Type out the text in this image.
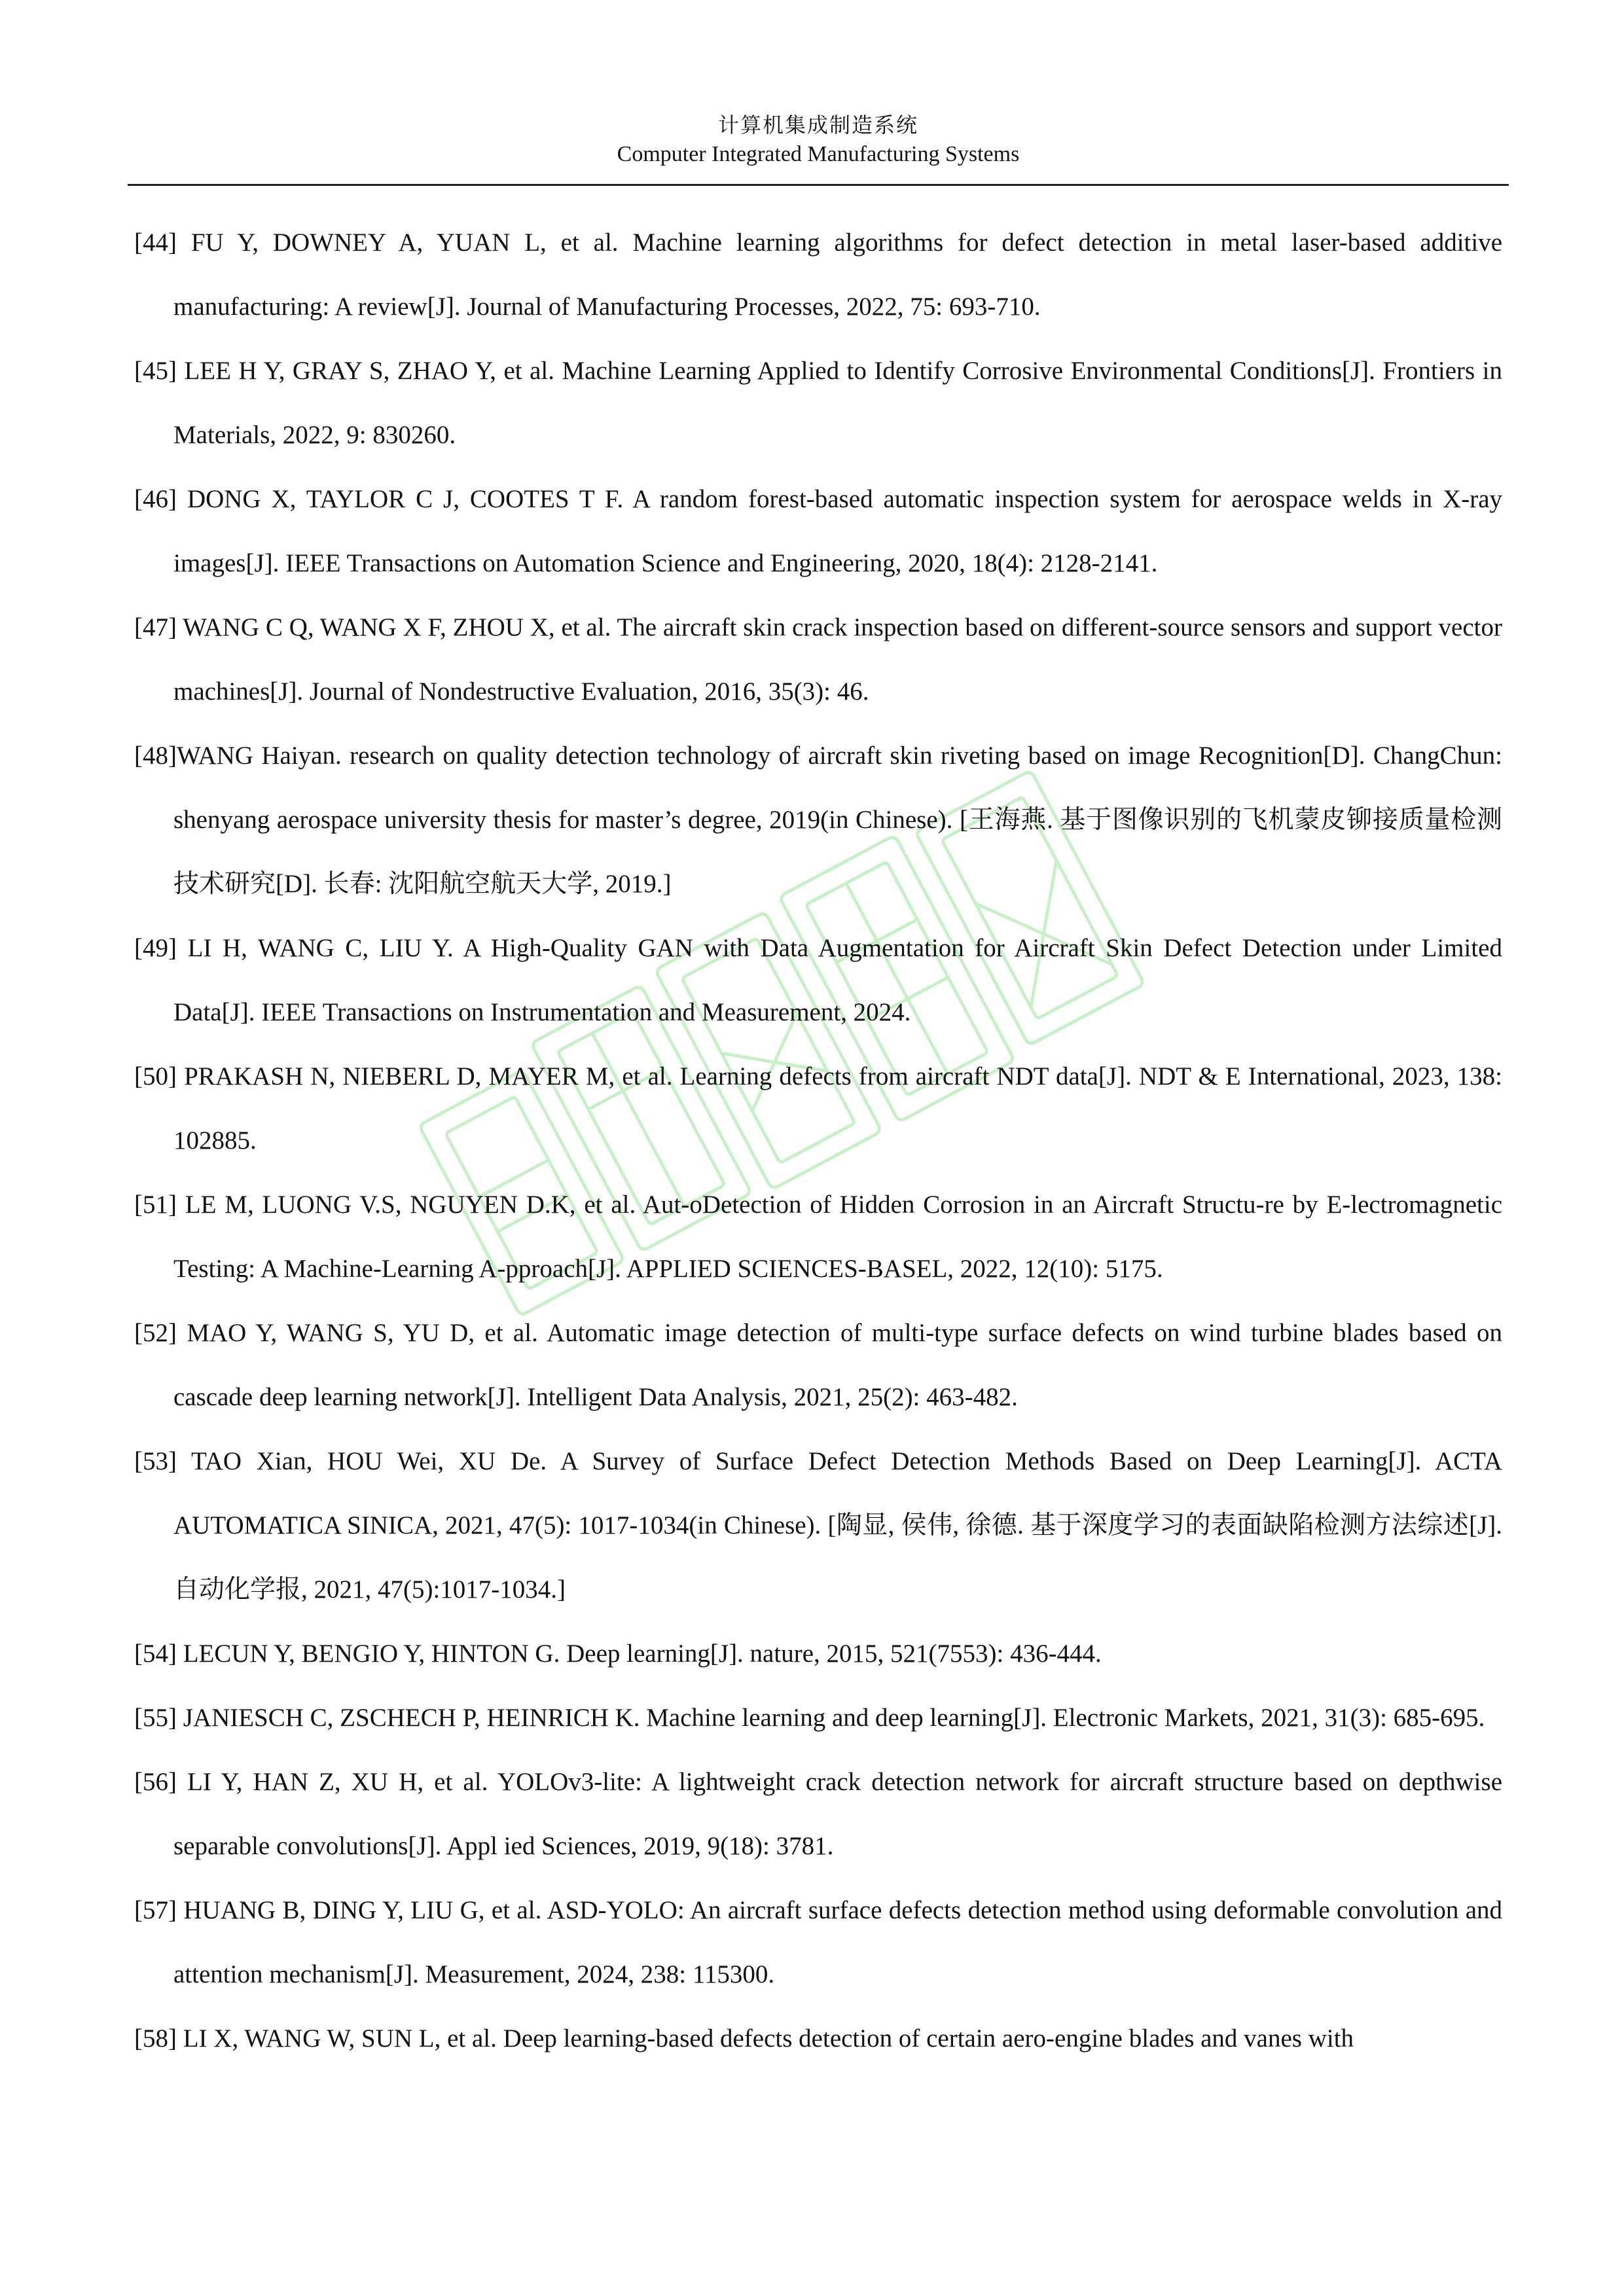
计算机集成制造系统
Computer Integrated Manufacturing Systems

[44] FU Y, DOWNEY A, YUAN L, et al. Machine learning algorithms for defect detection in metal laser-based additive manufacturing: A review[J]. Journal of Manufacturing Processes, 2022, 75: 693-710.

[45] LEE H Y, GRAY S, ZHAO Y, et al. Machine Learning Applied to Identify Corrosive Environmental Conditions[J]. Frontiers in Materials, 2022, 9: 830260.

[46] DONG X, TAYLOR C J, COOTES T F. A random forest-based automatic inspection system for aerospace welds in X-ray images[J]. IEEE Transactions on Automation Science and Engineering, 2020, 18(4): 2128-2141.

[47] WANG C Q, WANG X F, ZHOU X, et al. The aircraft skin crack inspection based on different-source sensors and support vector machines[J]. Journal of Nondestructive Evaluation, 2016, 35(3): 46.

[48]WANG Haiyan. research on quality detection technology of aircraft skin riveting based on image Recognition[D]. ChangChun: shenyang aerospace university thesis for master’s degree, 2019(in Chinese). [王海燕. 基于图像识别的飞机蒙皮铆接质量检测技术研究[D]. 长春: 沈阳航空航天大学, 2019.]

[49] LI H, WANG C, LIU Y. A High-Quality GAN with Data Augmentation for Aircraft Skin Defect Detection under Limited Data[J]. IEEE Transactions on Instrumentation and Measurement, 2024.

[50] PRAKASH N, NIEBERL D, MAYER M, et al. Learning defects from aircraft NDT data[J]. NDT & E International, 2023, 138: 102885.

[51] LE M, LUONG V.S, NGUYEN D.K, et al. Aut-oDetection of Hidden Corrosion in an Aircraft Structu-re by E-lectromagnetic Testing: A Machine-Learning A-pproach[J]. APPLIED SCIENCES-BASEL, 2022, 12(10): 5175.

[52] MAO Y, WANG S, YU D, et al. Automatic image detection of multi-type surface defects on wind turbine blades based on cascade deep learning network[J]. Intelligent Data Analysis, 2021, 25(2): 463-482.

[53] TAO Xian, HOU Wei, XU De. A Survey of Surface Defect Detection Methods Based on Deep Learning[J]. ACTA AUTOMATICA SINICA, 2021, 47(5): 1017-1034(in Chinese). [陶显, 侯伟, 徐德. 基于深度学习的表面缺陷检测方法综述[J]. 自动化学报, 2021, 47(5):1017-1034.]

[54] LECUN Y, BENGIO Y, HINTON G. Deep learning[J]. nature, 2015, 521(7553): 436-444.

[55] JANIESCH C, ZSCHECH P, HEINRICH K. Machine learning and deep learning[J]. Electronic Markets, 2021, 31(3): 685-695.

[56] LI Y, HAN Z, XU H, et al. YOLOv3-lite: A lightweight crack detection network for aircraft structure based on depthwise separable convolutions[J]. Appl ied Sciences, 2019, 9(18): 3781.

[57] HUANG B, DING Y, LIU G, et al. ASD-YOLO: An aircraft surface defects detection method using deformable convolution and attention mechanism[J]. Measurement, 2024, 238: 115300.

[58] LI X, WANG W, SUN L, et al. Deep learning-based defects detection of certain aero-engine blades and vanes with
